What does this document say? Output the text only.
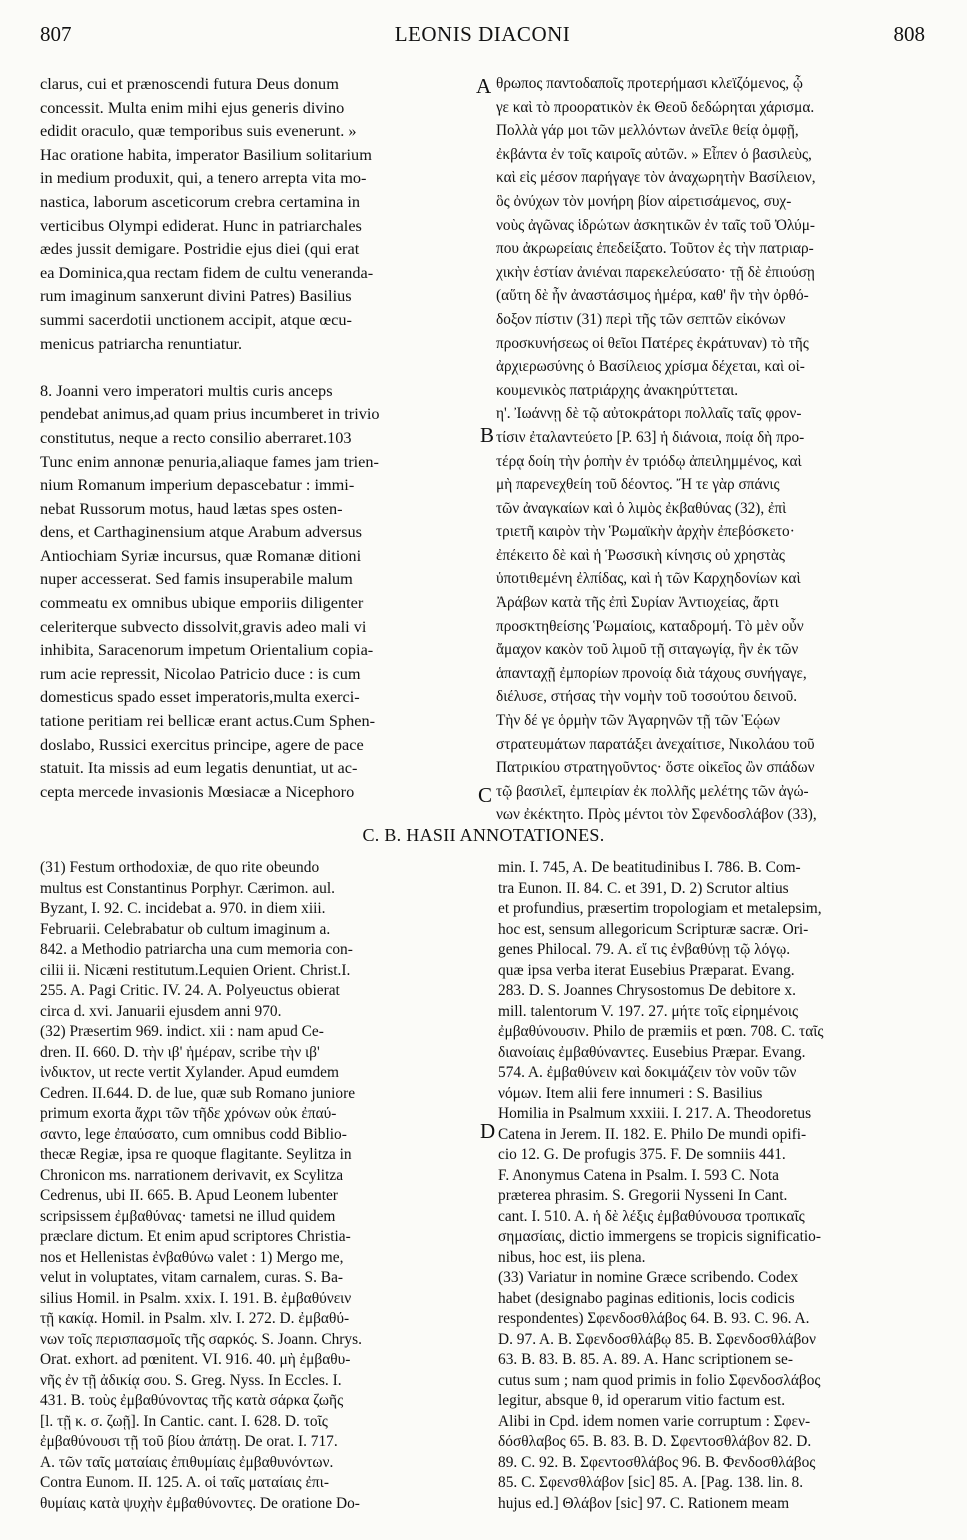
807	LEONIS DIACONI	808
clarus, cui et prænoscendi futura Deus donum
concessit. Multa enim mihi ejus generis divino
edidit oraculo, quæ temporibus suis evenerunt. »
Hac oratione habita, imperator Basilium solitarium
in medium produxit, qui, a tenero arrepta vita mo-
nastica, laborum asceticorum crebra certamina in
verticibus Olympi ediderat. Hunc in patriarchales
ædes jussit demigare. Postridie ejus diei (qui erat
ea Dominica,qua rectam fidem de cultu veneranda-
rum imaginum sanxerunt divini Patres) Basilius
summi sacerdotii unctionem accipit, atque œcu-
menicus patriarcha renuntiatur.
8. Joanni vero imperatori multis curis anceps
pendebat animus,ad quam prius incumberet in trivio
constitutus, neque a recto consilio aberraret.103
Tunc enim annonæ penuria,aliaque fames jam trien-
nium Romanum imperium depascebatur : immi-
nebat Russorum motus, haud lætas spes osten-
dens, et Carthaginensium atque Arabum adversus
Antiochiam Syriæ incursus, quæ Romanæ ditioni
nuper accesserat. Sed famis insuperabile malum
commeatu ex omnibus ubique emporiis diligenter
celeriterque subvecto dissolvit,gravis adeo mali vi
inhibita, Saracenorum impetum Orientalium copia-
rum acie repressit, Nicolao Patricio duce : is cum
domesticus spado esset imperatoris,multa exerci-
tatione peritiam rei bellicæ erant actus.Cum Sphen-
doslabo, Russici exercitus principe, agere de pace
statuit. Ita missis ad eum legatis denuntiat, ut ac-
cepta mercede invasionis Mœsiacæ a Nicephoro
θρωπος παντοδαποῖς προτερήμασι κλεϊζόμενος, ᾧ
γε καὶ τὸ προορατικὸν ἐκ Θεοῦ δεδώρηται χάρισμα.
Πολλὰ γάρ μοι τῶν μελλόντων ἀνεῖλε θείᾳ ὀμφῇ,
ἐκβάντα ἐν τοῖς καιροῖς αὐτῶν. » Εἶπεν ὁ βασιλεὺς,
καὶ εἰς μέσον παρήγαγε τὸν ἀναχωρητὴν Βασίλειον,
ὃς ὀνύχων τὸν μονήρη βίον αἱρετισάμενος, συχ-
νοὺς ἀγῶνας ἱδρώτων ἀσκητικῶν ἐν ταῖς τοῦ Ὀλύμ-
που ἀκρωρείαις ἐπεδείξατο. Τοῦτον ἐς τὴν πατριαρ-
χικὴν ἑστίαν ἀνιέναι παρεκελεύσατο· τῇ δὲ ἐπιούσῃ
(αὕτη δὲ ἦν ἀναστάσιμος ἡμέρα, καθ' ἣν τὴν ὀρθό-
δοξον πίστιν (31) περὶ τῆς τῶν σεπτῶν εἰκόνων
προσκυνήσεως οἱ θεῖοι Πατέρες ἐκράτυναν) τὸ τῆς
ἀρχιερωσύνης ὁ Βασίλειος χρίσμα δέχεται, καὶ οἰ-
κουμενικὸς πατριάρχης ἀνακηρύττεται.
η'. Ἰωάννῃ δὲ τῷ αὐτοκράτορι πολλαῖς ταῖς φρον-
τίσιν ἐταλαντεύετο [P. 63] ἡ διάνοια, ποίᾳ δὴ προ-
τέρᾳ δοίη τὴν ῥοπὴν ἐν τριόδῳ ἀπειλημμένος, καὶ
μὴ παρενεχθείη τοῦ δέοντος. Ἤ τε γὰρ σπάνις
τῶν ἀναγκαίων καὶ ὁ λιμὸς ἐκβαθύνας (32), ἐπὶ
τριετῆ καιρὸν τὴν Ῥωμαϊκὴν ἀρχὴν ἐπεβόσκετο·
ἐπέκειτο δὲ καὶ ἡ Ῥωσσικὴ κίνησις οὐ χρηστὰς
ὑποτιθεμένη ἐλπίδας, καὶ ἡ τῶν Καρχηδονίων καὶ
Ἀράβων κατὰ τῆς ἐπὶ Συρίαν Ἀντιοχείας, ἄρτι
προσκτηθείσης Ῥωμαίοις, καταδρομή. Τὸ μὲν οὖν
ἄμαχον κακὸν τοῦ λιμοῦ τῇ σιταγωγίᾳ, ἣν ἐκ τῶν
ἁπανταχῇ ἐμπορίων προνοίᾳ διὰ τάχους συνήγαγε,
διέλυσε, στήσας τὴν νομὴν τοῦ τοσούτου δεινοῦ.
Τὴν δέ γε ὁρμὴν τῶν Ἀγαρηνῶν τῇ τῶν Ἑῴων
στρατευμάτων παρατάξει ἀνεχαίτισε, Νικολάου τοῦ
Πατρικίου στρατηγοῦντος· ὅστε οἰκεῖος ὢν σπάδων
τῷ βασιλεῖ, ἐμπειρίαν ἐκ πολλῆς μελέτης τῶν ἀγώ-
νων ἐκέκτητο. Πρὸς μέντοι τὸν Σφενδοσλάβον (33),
A
B
C
D
C. B. HASII ANNOTATIONES.
(31) Festum orthodoxiæ, de quo rite obeundo
multus est Constantinus Porphyr. Cærimon. aul.
Byzant, I. 92. C. incidebat a. 970. in diem xiii.
Februarii. Celebrabatur ob cultum imaginum a.
842. a Methodio patriarcha una cum memoria con-
cilii ii. Nicæni restitutum.Lequien Orient. Christ.I.
255. A. Pagi Critic. IV. 24. A. Polyeuctus obierat
circa d. xvi. Januarii ejusdem anni 970.
(32) Præsertim 969. indict. xii : nam apud Ce-
dren. II. 660. D. τὴν ιβ' ἡμέραν, scribe τὴν ιβ'
ἰνδικτον, ut recte vertit Xylander. Apud eumdem
Cedren. II.644. D. de lue, quæ sub Romano juniore
primum exorta ἄχρι τῶν τῆδε χρόνων οὐκ ἐπαύ-
σαντο, lege ἐπαύσατο, cum omnibus codd Biblio-
thecæ Regiæ, ipsa re quoque flagitante. Seylitza in
Chronicon ms. narrationem derivavit, ex Scylitza
Cedrenus, ubi II. 665. B. Apud Leonem lubenter
scripsissem ἐμβαθύνας· tametsi ne illud quidem
præclare dictum. Et enim apud scriptores Christia-
nos et Hellenistas ἐνβαθύνω valet : 1) Mergo me,
velut in voluptates, vitam carnalem, curas. S. Ba-
silius Homil. in Psalm. xxix. I. 191. B. ἐμβαθύνειν
τῇ κακίᾳ. Homil. in Psalm. xlv. I. 272. D. ἐμβαθύ-
νων τοῖς περισπασμοῖς τῆς σαρκός. S. Joann. Chrys.
Orat. exhort. ad pœnitent. VI. 916. 40. μὴ ἐμβαθυ-
νῆς ἐν τῇ ἀδικίᾳ σου. S. Greg. Nyss. In Eccles. I.
431. B. τοὺς ἐμβαθύνοντας τῆς κατὰ σάρκα ζωῆς
[l. τῇ κ. σ. ζωῇ]. In Cantic. cant. I. 628. D. τοῖς
ἐμβαθύνουσι τῇ τοῦ βίου ἀπάτῃ. De orat. I. 717.
A. τῶν ταῖς ματαίαις ἐπιθυμίαις ἐμβαθυνόντων.
Contra Eunom. II. 125. A. οἱ ταῖς ματαίαις ἐπι-
θυμίαις κατὰ ψυχὴν ἐμβαθύνοντες. De oratione Do-
min. I. 745, A. De beatitudinibus I. 786. B. Com-
tra Eunon. II. 84. C. et 391, D. 2) Scrutor altius
et profundius, præsertim tropologiam et metalepsim,
hoc est, sensum allegoricum Scripturæ sacræ. Ori-
genes Philocal. 79. A. εἴ τις ἐνβαθύνῃ τῷ λόγῳ.
quæ ipsa verba iterat Eusebius Præparat. Evang.
283. D. S. Joannes Chrysostomus De debitore x.
mill. talentorum V. 197. 27. μήτε τοῖς εἰρημένοις
ἐμβαθύνουσιν. Philo de præmiis et pœn. 708. C. ταῖς
διανοίαις ἐμβαθύναντες. Eusebius Præpar. Evang.
574. A. ἐμβαθύνειν καὶ δοκιμάζειν τὸν νοῦν τῶν
νόμων. Item alii fere innumeri : S. Basilius
Homilia in Psalmum xxxiii. I. 217. A. Theodoretus
Catena in Jerem. II. 182. E. Philo De mundi opifi-
cio 12. G. De profugis 375. F. De somniis 441.
F. Anonymus Catena in Psalm. I. 593 C. Nota
præterea phrasim. S. Gregorii Nysseni In Cant.
cant. I. 510. A. ἡ δὲ λέξις ἐμβαθύνουσα τροπικαῖς
σημασίαις, dictio immergens se tropicis significatio-
nibus, hoc est, iis plena.
(33) Variatur in nomine Græce scribendo. Codex
habet (designabo paginas editionis, locis codicis
respondentes) Σφενδοσθλάβος 64. B. 93. C. 96. A.
D. 97. A. B. Σφενδοσθλάβῳ 85. B. Σφενδοσθλάβον
63. B. 83. B. 85. A. 89. A. Hanc scriptionem se-
cutus sum ; nam quod primis in folio Σφενδοσλάβος
legitur, absque θ, id operarum vitio factum est.
Alibi in Cpd. idem nomen varie corruptum : Σφεν-
δόσθλαβος 65. B. 83. B. D. Σφεντοσθλάβον 82. D.
89. C. 92. B. Σφεντοσθλάβος 96. B. Φενδοσθλάβος
85. C. Σφενσθλάβον [sic] 85. A. [Pag. 138. lin. 8.
hujus ed.] Θλάβον [sic] 97. C. Rationem meam
